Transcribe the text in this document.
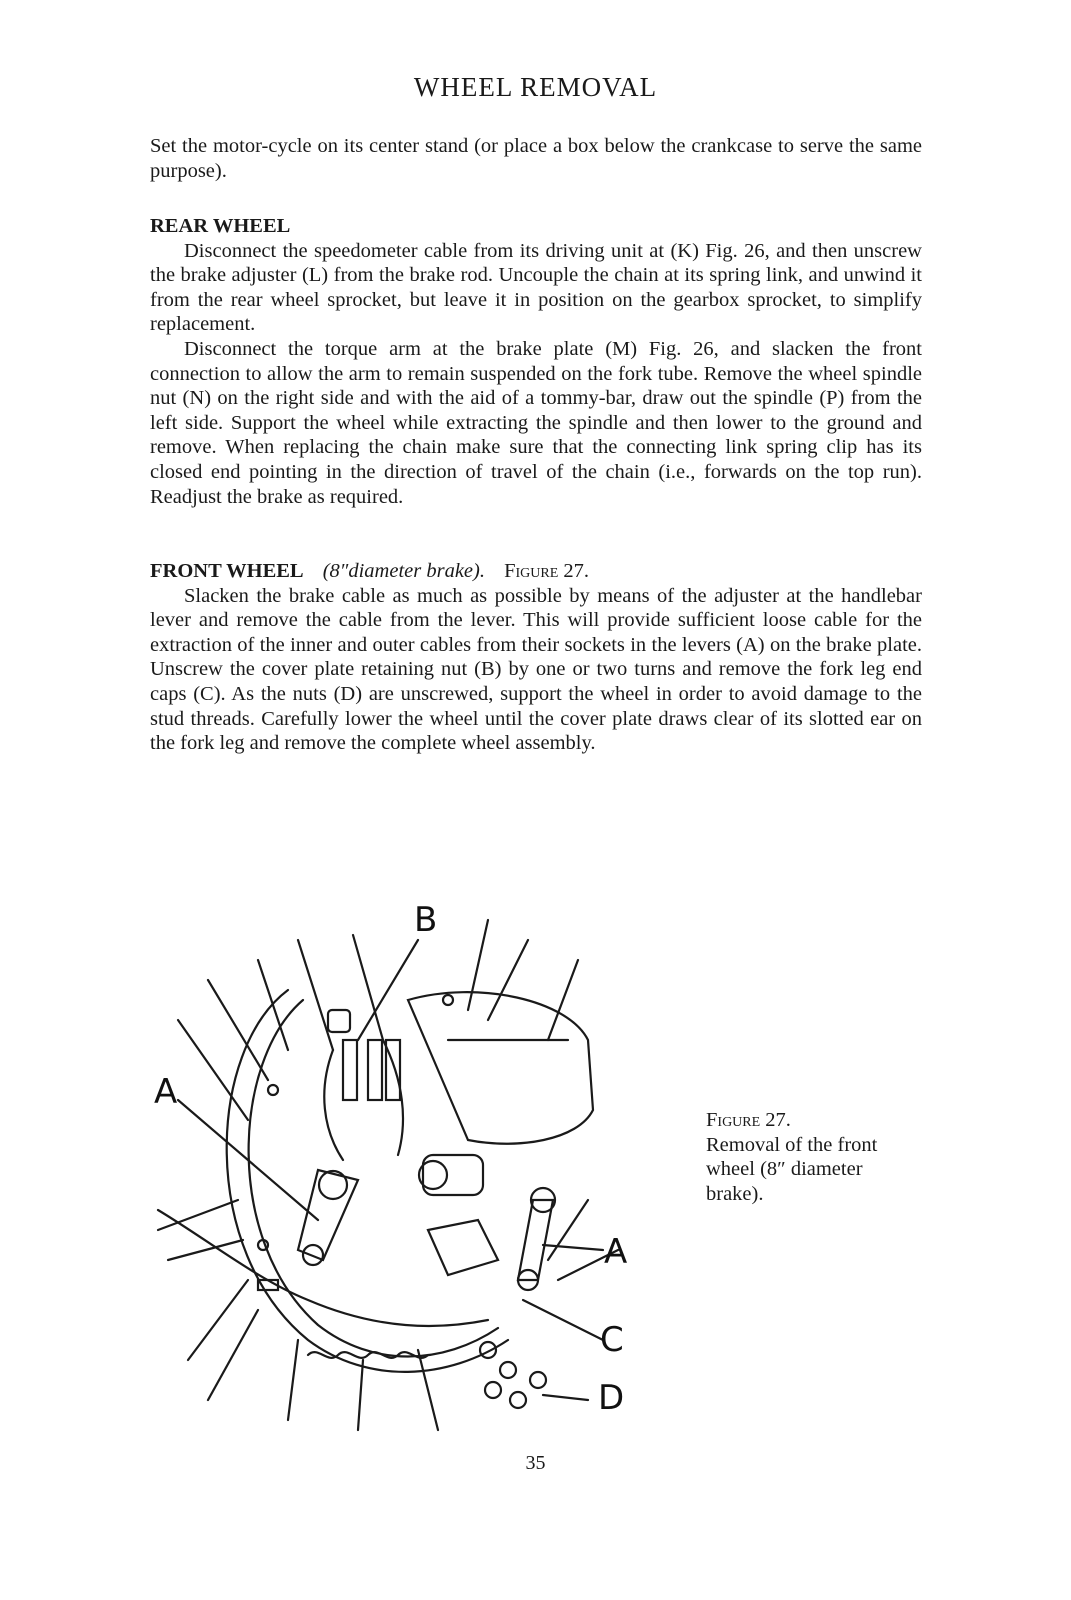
WHEEL REMOVAL

Set the motor-cycle on its center stand (or place a box below the crankcase to serve the same purpose).

REAR WHEEL

Disconnect the speedometer cable from its driving unit at (K) Fig. 26, and then unscrew the brake adjuster (L) from the brake rod. Uncouple the chain at its spring link, and unwind it from the rear wheel sprocket, but leave it in position on the gearbox sprocket, to simplify replacement.

Disconnect the torque arm at the brake plate (M) Fig. 26, and slacken the front connection to allow the arm to remain suspended on the fork tube. Remove the wheel spindle nut (N) on the right side and with the aid of a tommy-bar, draw out the spindle (P) from the left side. Support the wheel while extracting the spindle and then lower to the ground and remove. When replacing the chain make sure that the connecting link spring clip has its closed end pointing in the direction of travel of the chain (i.e., forwards on the top run). Readjust the brake as required.

FRONT WHEEL (8″diameter brake). Figure 27.

Slacken the brake cable as much as possible by means of the adjuster at the handlebar lever and remove the cable from the lever. This will provide sufficient loose cable for the extraction of the inner and outer cables from their sockets in the levers (A) on the brake plate. Unscrew the cover plate retaining nut (B) by one or two turns and remove the fork leg end caps (C). As the nuts (D) are unscrewed, support the wheel in order to avoid damage to the stud threads. Carefully lower the wheel until the cover plate draws clear of its slotted ear on the fork leg and remove the complete wheel assembly.

A
B
A
C
D
Figure 27.
Removal of the front wheel (8″ diameter brake).
35
